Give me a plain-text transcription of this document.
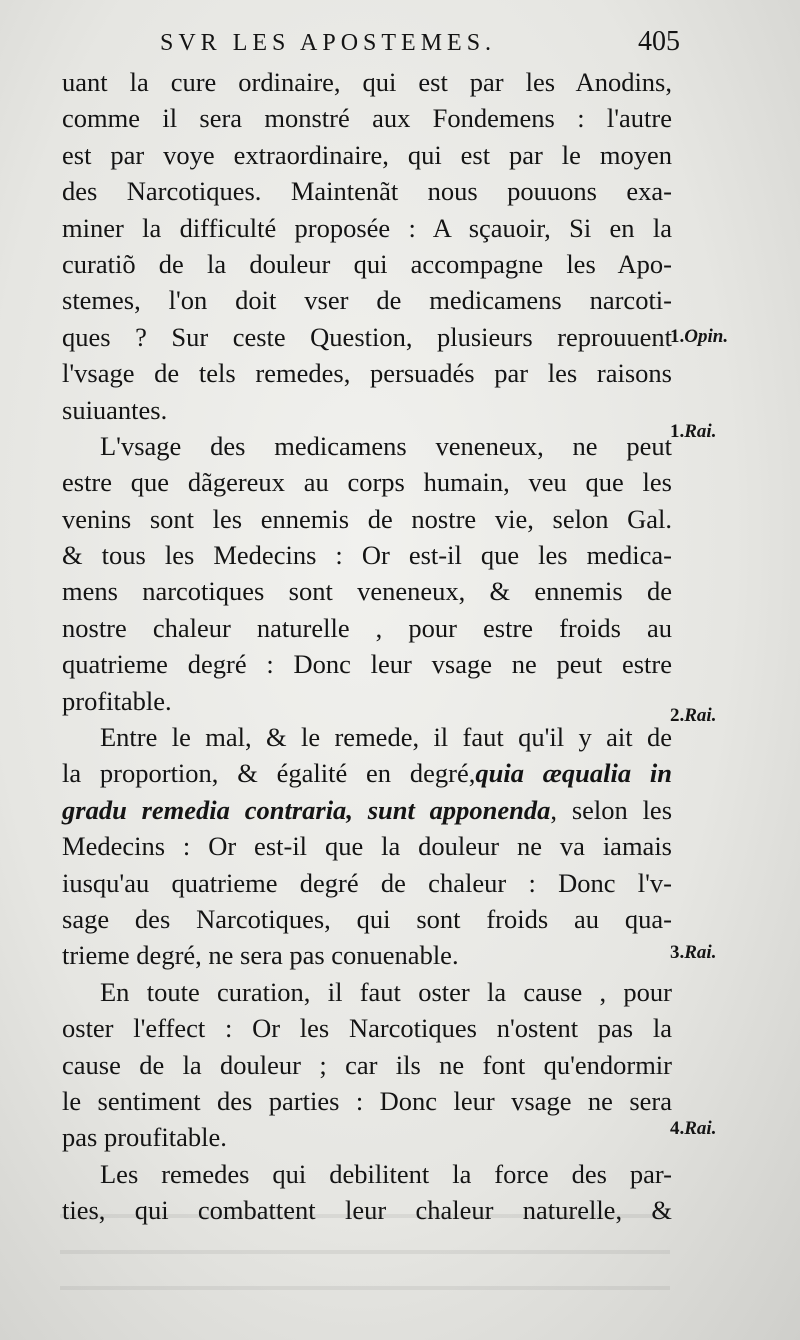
SVR LES APOSTEMES.	405
uant la cure ordinaire, qui est par les Anodins,
comme il sera monstré aux Fondemens : l'autre
est par voye extraordinaire, qui est par le moyen
des Narcotiques. Maintenãt nous pouuons exa-
miner la difficulté proposée : A sçauoir, Si en la
curatiõ de la douleur qui accompagne les Apo-
stemes, l'on doit vser de medicamens narcoti-
ques ? Sur ceste Question, plusieurs reprouuent
l'vsage de tels remedes, persuadés par les raisons
suiuantes.
L'vsage des medicamens veneneux, ne peut
estre que dãgereux au corps humain, veu que les
venins sont les ennemis de nostre vie, selon Gal.
& tous les Medecins : Or est-il que les medica-
mens narcotiques sont veneneux, & ennemis de
nostre chaleur naturelle , pour estre froids au
quatrieme degré : Donc leur vsage ne peut estre
profitable.
Entre le mal, & le remede, il faut qu'il y ait de
la proportion, & égalité en degré,quia æqualia in
gradu remedia contraria, sunt apponenda, selon les
Medecins : Or est-il que la douleur ne va iamais
iusqu'au quatrieme degré de chaleur : Donc l'v-
sage des Narcotiques, qui sont froids au qua-
trieme degré, ne sera pas conuenable.
En toute curation, il faut oster la cause , pour
oster l'effect : Or les Narcotiques n'ostent pas la
cause de la douleur ; car ils ne font qu'endormir
le sentiment des parties : Donc leur vsage ne sera
pas proufitable.
Les remedes qui debilitent la force des par-
ties, qui combattent leur chaleur naturelle, &
1.Opin.
1.Rai.
2.Rai.
3.Rai.
4.Rai.
